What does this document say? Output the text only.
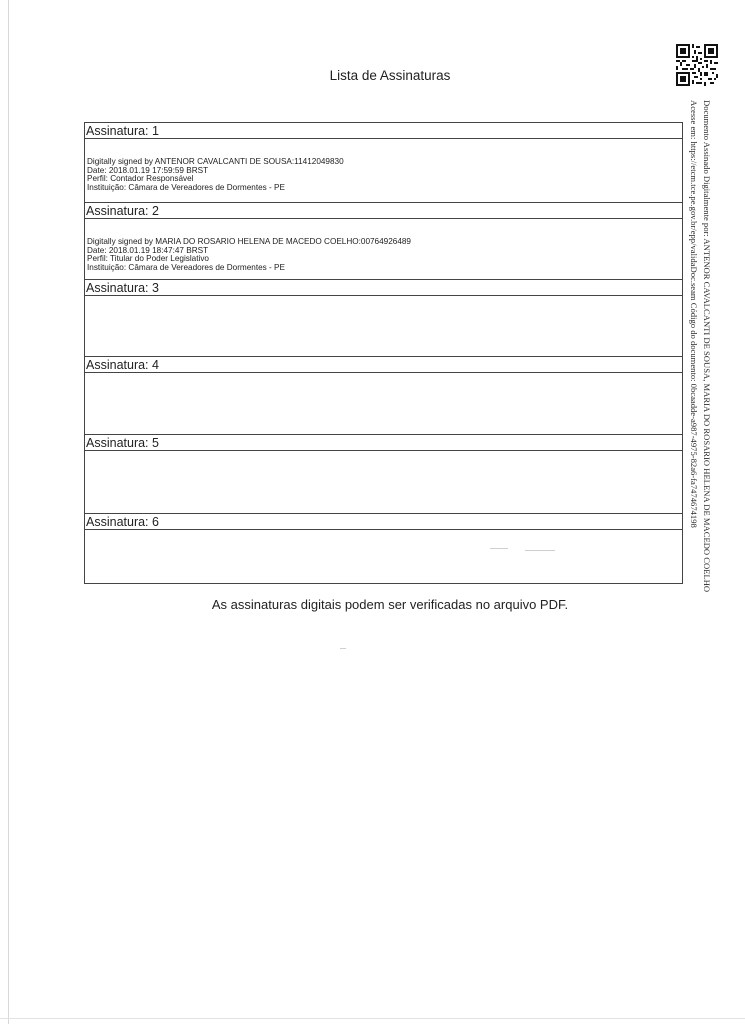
Lista de Assinaturas
Documento Assinado Digitalmente por: ANTENOR CAVALCANTI DE SOUSA, MARIA DO ROSARIO HELENA DE MACEDO COELHO
Acesse em: https://etcm.tce.pe.gov.br/epp/validaDoc.seam Código do documento: 0bcaadde-a987-4975-82a6-fa7474674198
Assinatura: 1
Digitally signed by ANTENOR CAVALCANTI DE SOUSA:11412049830
Date: 2018.01.19 17:59:59 BRST
Perfil: Contador Responsável
Instituição: Câmara de Vereadores de Dormentes - PE
Assinatura: 2
Digitally signed by MARIA DO ROSARIO HELENA DE MACEDO COELHO:00764926489
Date: 2018.01.19 18:47:47 BRST
Perfil: Titular do Poder Legislativo
Instituição: Câmara de Vereadores de Dormentes - PE
Assinatura: 3
Assinatura: 4
Assinatura: 5
Assinatura: 6
As assinaturas digitais podem ser verificadas no arquivo PDF.
